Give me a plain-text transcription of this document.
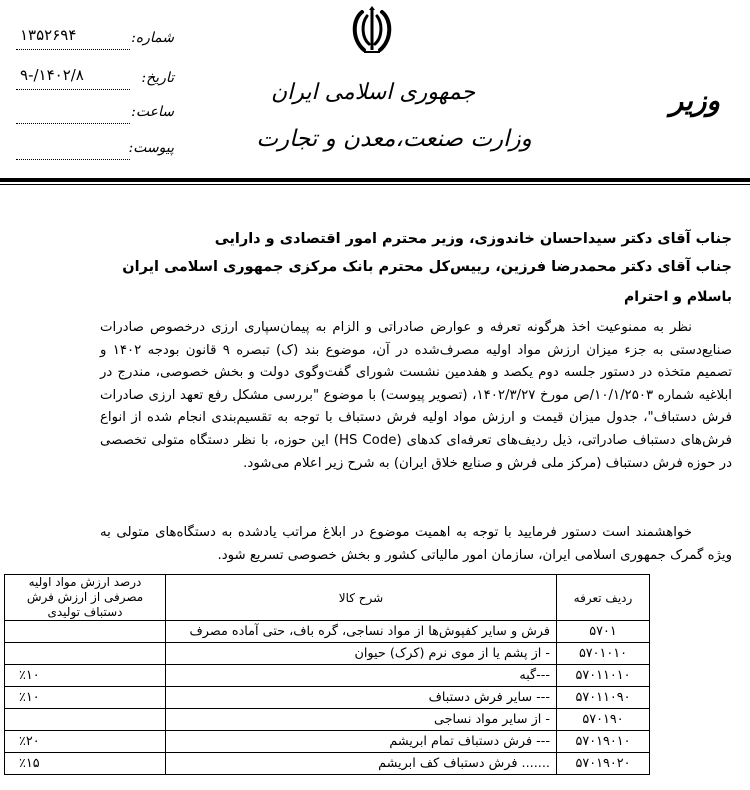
شماره:
۱۳۵۲۶۹۴
تاریخ:
۱۴۰۲/۸/-۹
ساعت:
پیوست:
جمهوری اسلامی ایران
وزارت صنعت،معدن و تجارت
وزیر
جناب آقای دکتر سیداحسان خاندوزی، وزیر محترم امور اقتصادی و دارایی
جناب آقای دکتر محمدرضا فرزین، رییس‌کل محترم بانک مرکزی جمهوری اسلامی ایران
باسلام و احترام

نظر به ممنوعیت اخذ هرگونه تعرفه و عوارض صادراتی و الزام به پیمان‌سپاری ارزی درخصوص صادرات صنایع‌دستی به جزء میزان ارزش مواد اولیه مصرف‌شده در آن، موضوع بند (ک) تبصره ۹ قانون بودجه ۱۴۰۲ و تصمیم متخذه در دستور جلسه دوم یکصد و هفدمین نشست شورای گفت‌وگوی دولت و بخش خصوصی، مندرج در ابلاغیه شماره ۱۰/۱/۲۵۰۳/ص مورخ ۱۴۰۲/۳/۲۷، (تصویر پیوست) با موضوع "بررسی مشکل رفع تعهد ارزی صادرات فرش دستباف"، جدول میزان قیمت و ارزش مواد اولیه فرش دستباف با توجه به تقسیم‌بندی انجام شده از انواع فرش‌های دستباف صادراتی، ذیل ردیف‌های تعرفه‌ای کدهای (HS Code) این حوزه، با نظر دستگاه متولی تخصصی در حوزه فرش دستباف (مرکز ملی فرش و صنایع خلاق ایران) به شرح زیر اعلام می‌شود.

خواهشمند است دستور فرمایید با توجه به اهمیت موضوع در ابلاغ مراتب یادشده به دستگاه‌های متولی به ویژه گمرک جمهوری اسلامی ایران، سازمان امور مالیاتی کشور و بخش خصوصی تسریع شود.

ردیف تعرفه	شرح کالا	درصد ارزش مواد اولیه مصرفی از ارزش فرش دستباف تولیدی
۵۷۰۱	فرش و سایر کفپوش‌ها از مواد نساجی، گره باف، حتی آماده مصرف	
۵۷۰۱۰۱۰	- از پشم یا از موی نرم (کرک) حیوان	
۵۷۰۱۱۰۱۰	---گبه	٪۱۰
۵۷۰۱۱۰۹۰	--- سایر فرش دستباف	٪۱۰
۵۷۰۱۹۰	- از سایر مواد نساجی	
۵۷۰۱۹۰۱۰	--- فرش دستباف تمام ابریشم	٪۲۰
۵۷۰۱۹۰۲۰	....... فرش دستباف کف ابریشم	٪۱۵
